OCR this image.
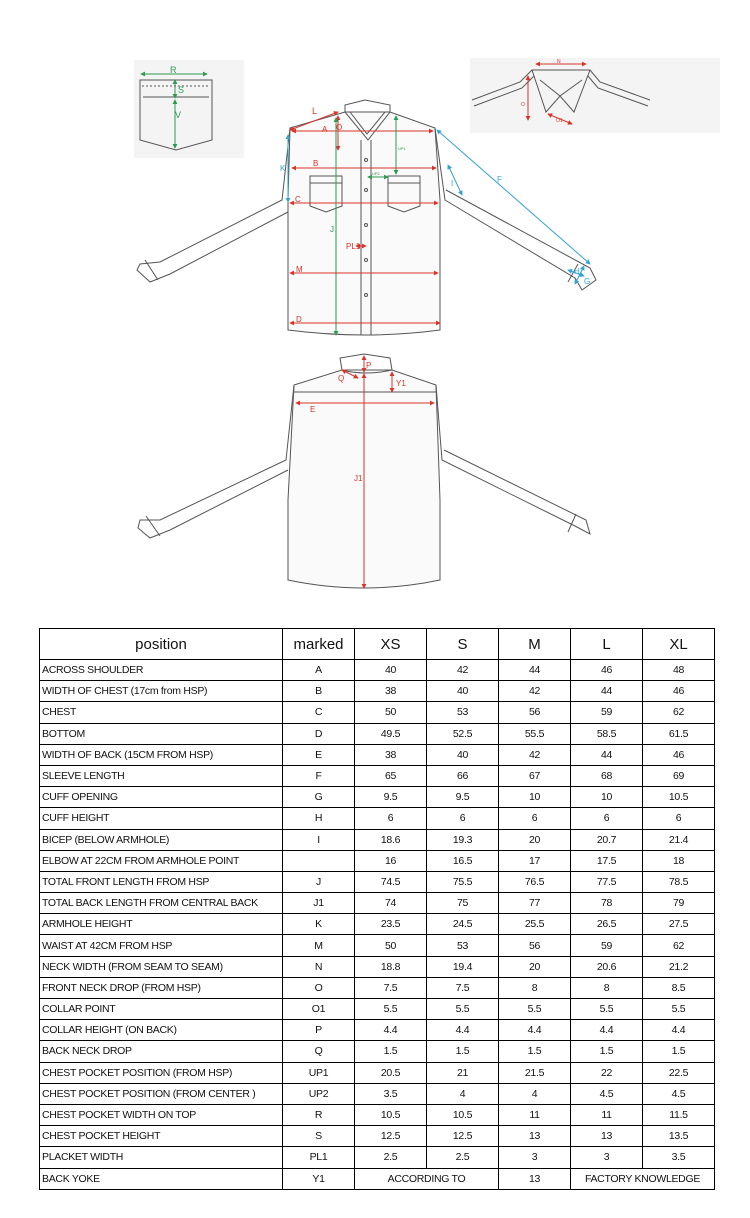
R
S
V
N
O
O1
L
A O
UP1
UP2
B
K
C
I	F
J
PL1
M
D
H
G
P
Q
Y1
E
J1
position	marked	XS	S	M	L	XL
ACROSS SHOULDER	A	40	42	44	46	48
WIDTH OF CHEST (17cm from HSP)	B	38	40	42	44	46
CHEST	C	50	53	56	59	62
BOTTOM	D	49.5	52.5	55.5	58.5	61.5
WIDTH OF BACK (15CM FROM HSP)	E	38	40	42	44	46
SLEEVE LENGTH	F	65	66	67	68	69
CUFF OPENING	G	9.5	9.5	10	10	10.5
CUFF HEIGHT	H	6	6	6	6	6
BICEP (BELOW ARMHOLE)	I	18.6	19.3	20	20.7	21.4
ELBOW AT 22CM FROM ARMHOLE POINT		16	16.5	17	17.5	18
TOTAL FRONT LENGTH FROM HSP	J	74.5	75.5	76.5	77.5	78.5
TOTAL BACK LENGTH FROM CENTRAL BACK	J1	74	75	77	78	79
ARMHOLE HEIGHT	K	23.5	24.5	25.5	26.5	27.5
WAIST AT 42CM FROM HSP	M	50	53	56	59	62
NECK WIDTH (FROM SEAM TO SEAM)	N	18.8	19.4	20	20.6	21.2
FRONT NECK DROP (FROM HSP)	O	7.5	7.5	8	8	8.5
COLLAR POINT	O1	5.5	5.5	5.5	5.5	5.5
COLLAR HEIGHT (ON BACK)	P	4.4	4.4	4.4	4.4	4.4
BACK NECK DROP	Q	1.5	1.5	1.5	1.5	1.5
CHEST POCKET POSITION (FROM HSP)	UP1	20.5	21	21.5	22	22.5
CHEST POCKET POSITION (FROM CENTER )	UP2	3.5	4	4	4.5	4.5
CHEST POCKET WIDTH ON TOP	R	10.5	10.5	11	11	11.5
CHEST POCKET HEIGHT	S	12.5	12.5	13	13	13.5
PLACKET WIDTH	PL1	2.5	2.5	3	3	3.5
BACK YOKE	Y1	ACCORDING TO		13	FACTORY KNOWLEDGE	
